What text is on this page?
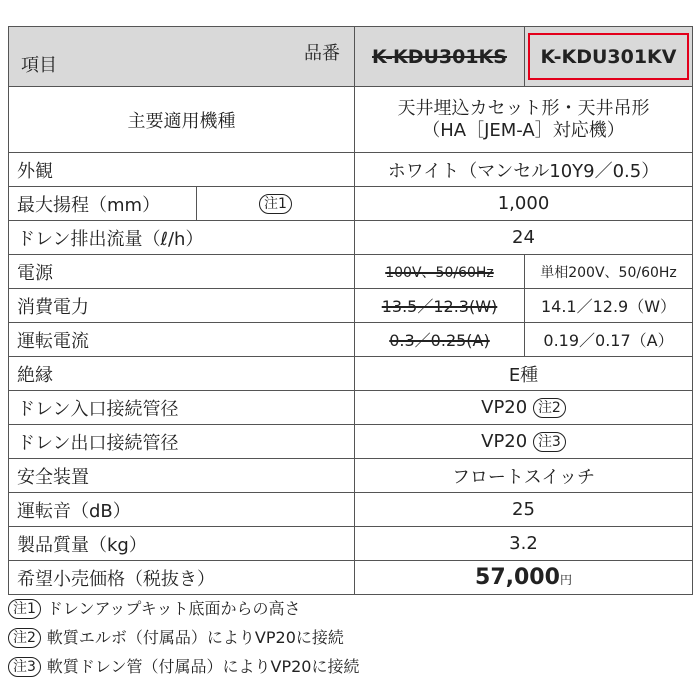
項目
品番		K-KDU301KS	K-KDU301KV

主要適用機種		天井埋込カセット形・天井吊形
（HA［JEM-A］対応機）	

外観		ホワイト（マンセル10Y9／0.5）	
最大揚程（mm）	注1	1,000	
ドレン排出流量（ℓ/h）		24	
電源		100V、50/60Hz	単相200V、50/60Hz
消費電力		13.5／12.3(W)	14.1／12.9（W）
運転電流		0.3／0.25(A)	0.19／0.17（A）
絶縁		E種	
ドレン入口接続管径		VP20 注2	
ドレン出口接続管径		VP20 注3	
安全装置		フロートスイッチ	
運転音（dB）		25	
製品質量（kg）		3.2	
希望小売価格（税抜き）		57,000円	
注1 ドレンアップキット底面からの高さ
注2 軟質エルボ（付属品）によりVP20に接続
注3 軟質ドレン管（付属品）によりVP20に接続
